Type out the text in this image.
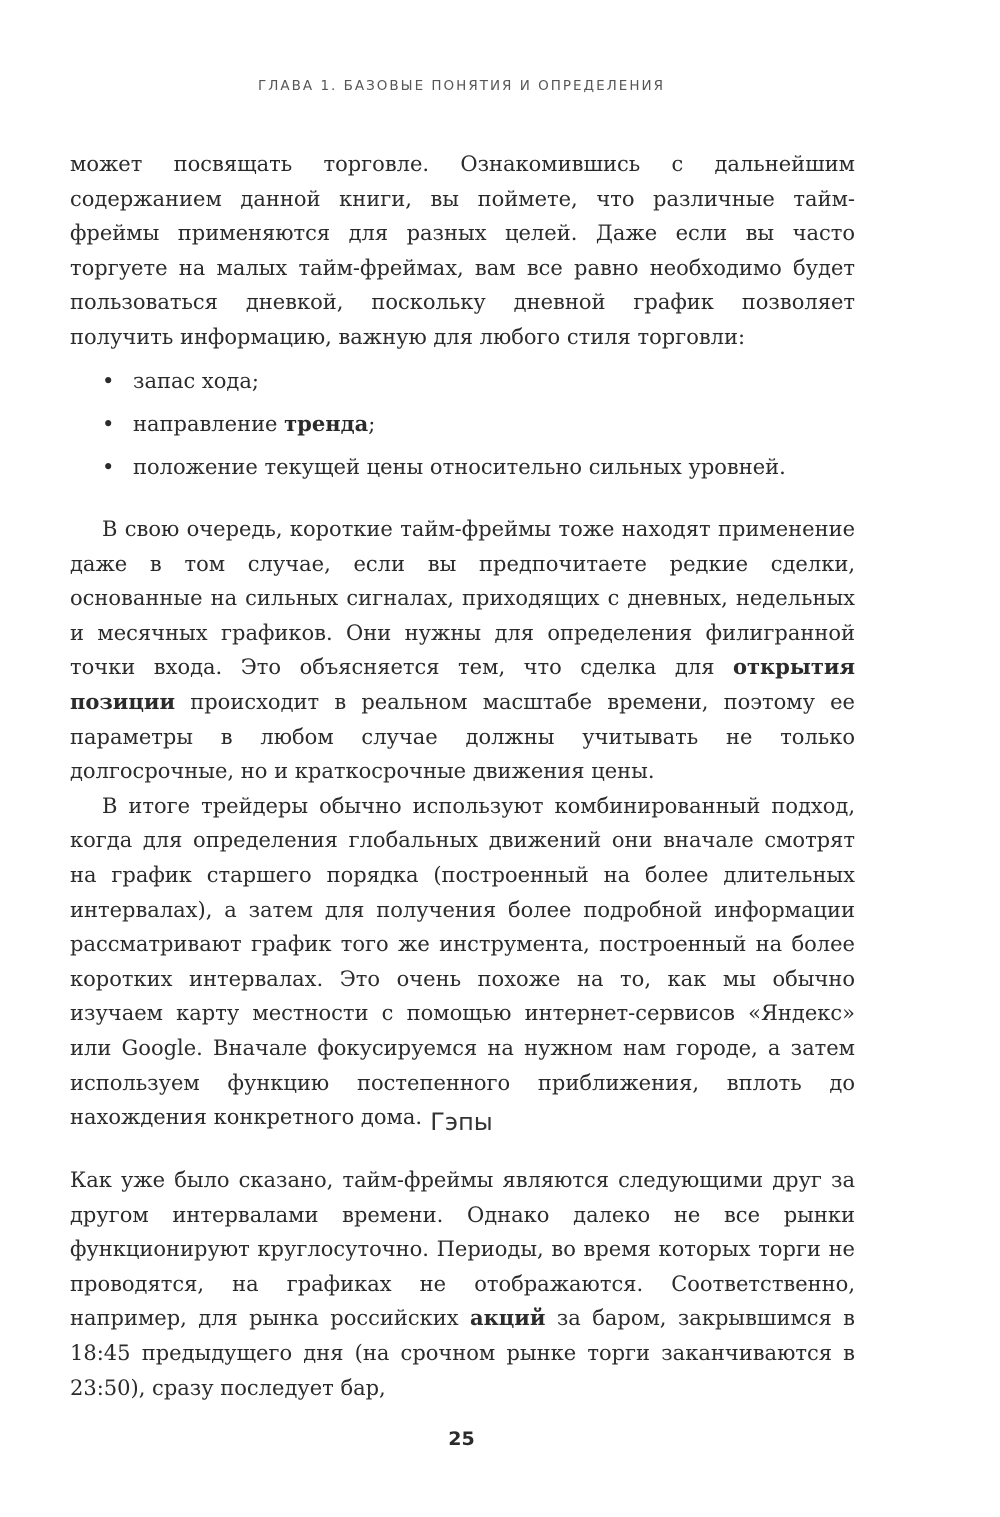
ГЛАВА 1. БАЗОВЫЕ ПОНЯТИЯ И ОПРЕДЕЛЕНИЯ

может посвящать торговле. Ознакомившись с дальнейшим содержанием данной книги, вы поймете, что различные тайм-фреймы применяются для разных целей. Даже если вы часто торгуете на малых тайм-фреймах, вам все равно необходимо будет пользоваться дневкой, поскольку дневной график позволяет получить информацию, важную для любого стиля торговли:

• запас хода;
• направление тренда;
• положение текущей цены относительно сильных уровней.

В свою очередь, короткие тайм-фреймы тоже находят применение даже в том случае, если вы предпочитаете редкие сделки, основанные на сильных сигналах, приходящих с дневных, недельных и месячных графиков. Они нужны для определения филигранной точки входа. Это объясняется тем, что сделка для открытия позиции происходит в реальном масштабе времени, поэтому ее параметры в любом случае должны учитывать не только долгосрочные, но и краткосрочные движения цены.

В итоге трейдеры обычно используют комбинированный подход, когда для определения глобальных движений они вначале смотрят на график старшего порядка (построенный на более длительных интервалах), а затем для получения более подробной информации рассматривают график того же инструмента, построенный на более коротких интервалах. Это очень похоже на то, как мы обычно изучаем карту местности с помощью интернет-сервисов «Яндекс» или Google. Вначале фокусируемся на нужном нам городе, а затем используем функцию постепенного приближения, вплоть до нахождения конкретного дома. Гэпы

Как уже было сказано, тайм-фреймы являются следующими друг за другом интервалами времени. Однако далеко не все рынки функционируют круглосуточно. Периоды, во время которых торги не проводятся, на графиках не отображаются. Соответственно, например, для рынка российских акций за баром, закрывшимся в 18:45 предыдущего дня (на срочном рынке торги заканчиваются в 23:50), сразу последует бар,

25
